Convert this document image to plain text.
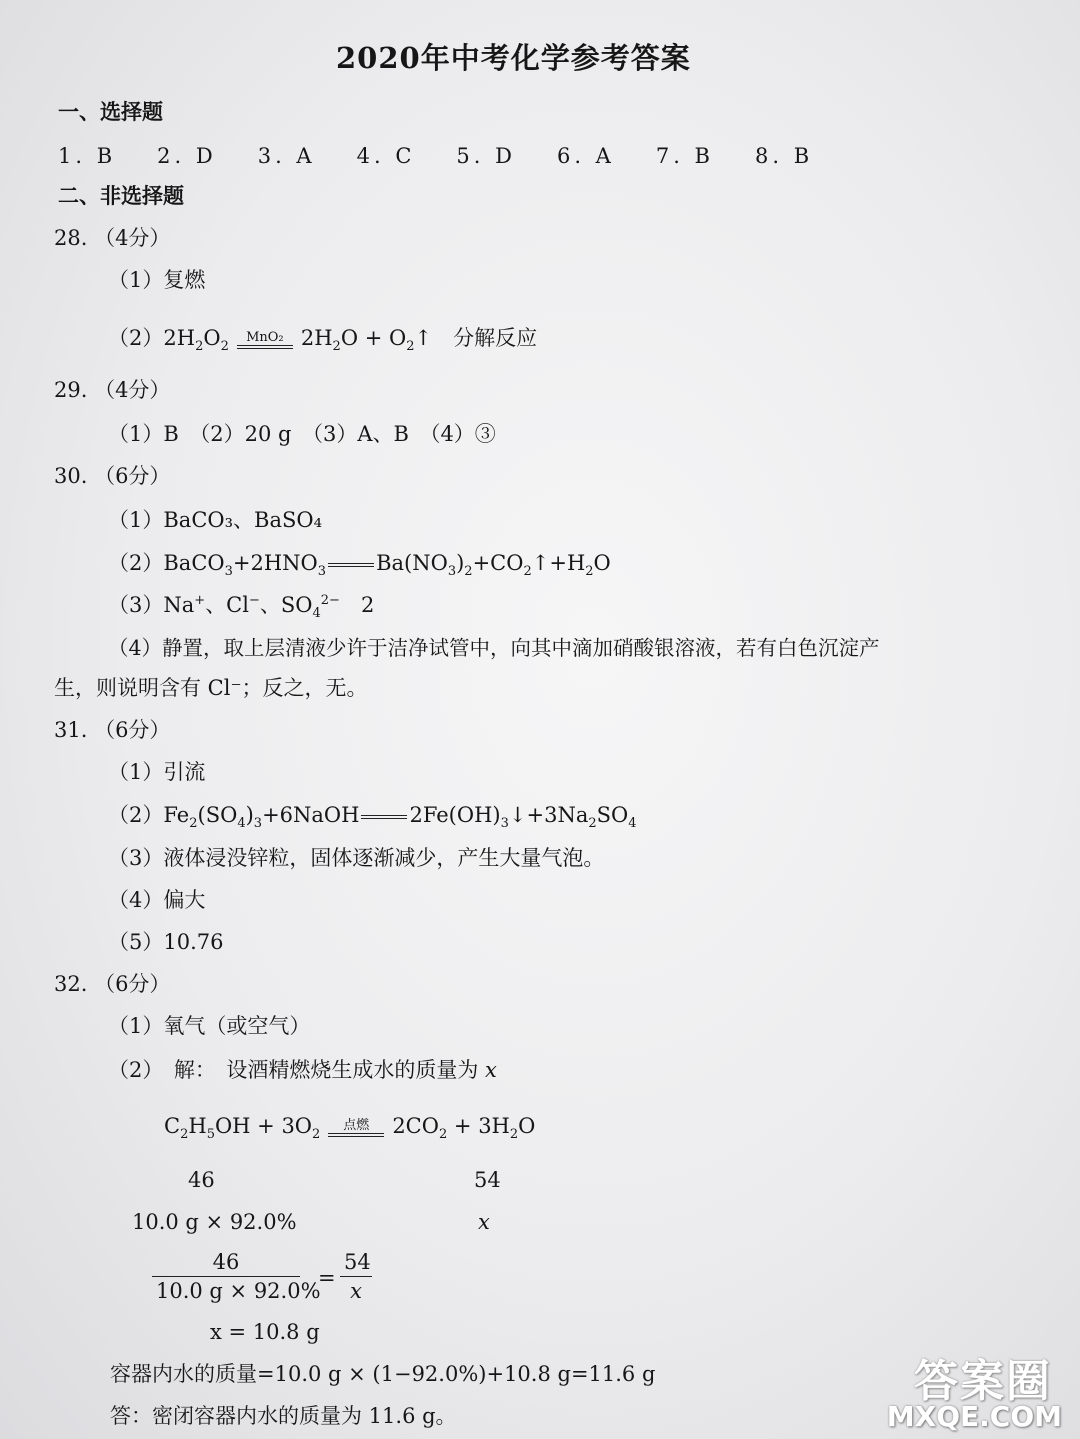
2020年中考化学参考答案
一、选择题
1. B 2. D 3. A 4. C 5. D 6. A 7. B 8. B
二、非选择题
28. （4分）
（1）复燃
$(2)2H_2O_2$
MnO₂ $2H_2O$ + $O_2↑$　分解反应
29. （4分）
（1）B　（2）20 g　（3）A、B　（4）③
30. （6分）
（1）BaCO₃、BaSO₄
$(2)BaCO_3+2HNO_3$ $Ba(NO_3)_2+CO_2↑+H_2O$
（3）Na+、Cl−、$SO_4^{2-}$　 2
（4）静置，取上层清液少许于洁净试管中，向其中滴加硝酸银溶液，若有白色沉淀产
生，则说明含有 Cl⁻；反之，无。
31. （6分）
（1）引流
$(2)Fe_2(SO_4)_3+6NaOH$ $2Fe(OH)_3↓+3Na_2SO_4$
（3）液体浸没锌粒，固体逐渐减少，产生大量气泡。
（4）偏大
（5）10.76
32. （6分）
（1）氧气（或空气）
（2）　解：　设酒精燃烧生成水的质量为 x
$C_2H_5OH + 3O_2$
点燃	$2CO_2 + 3H_2O$
46	54
10.0 g × 92.0%	x
46
10.0 g × 92.0%
=
54
x
x = 10.8 g
容器内水的质量=10.0 g × (1−92.0%)+10.8 g=11.6 g
答：密闭容器内水的质量为 11.6 g。
答案圈
MXQE.COM
